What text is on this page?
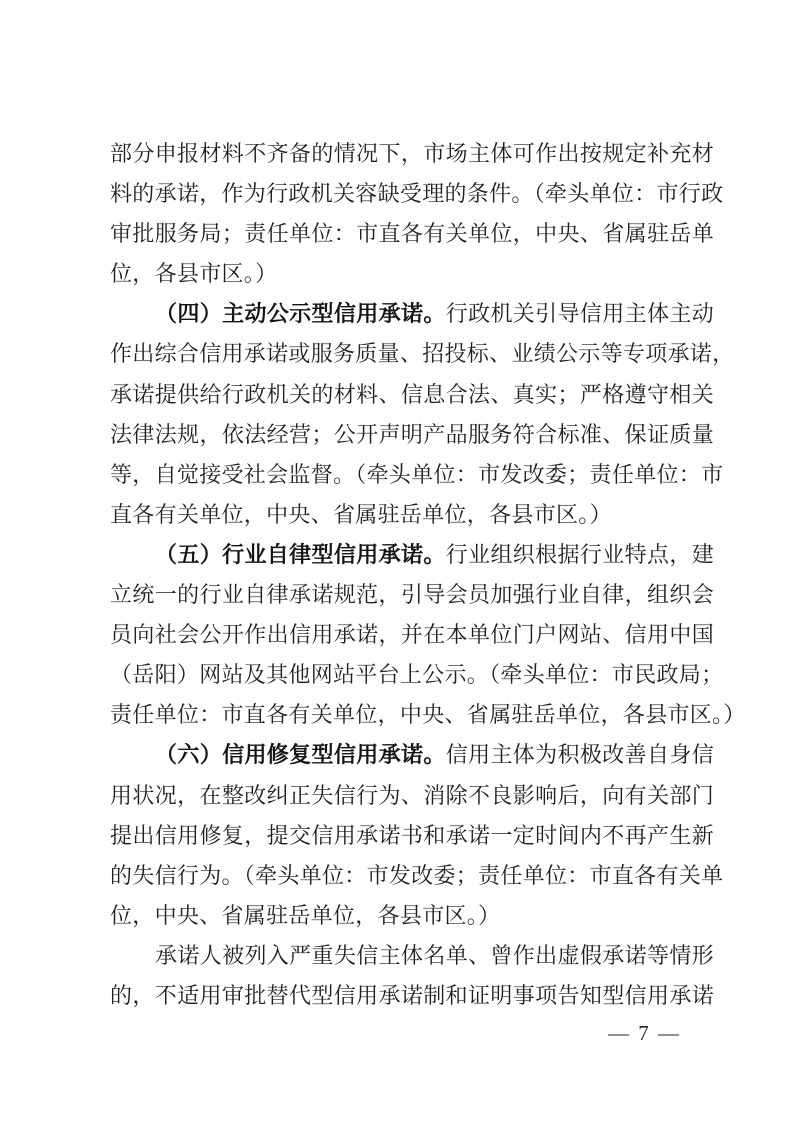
部分申报材料不齐备的情况下，市场主体可作出按规定补充材
料的承诺，作为行政机关容缺受理的条件。（牵头单位：市行政
审批服务局；责任单位：市直各有关单位，中央、省属驻岳单
位，各县市区。）
（四）主动公示型信用承诺。行政机关引导信用主体主动
作出综合信用承诺或服务质量、招投标、业绩公示等专项承诺，
承诺提供给行政机关的材料、信息合法、真实；严格遵守相关
法律法规，依法经营；公开声明产品服务符合标准、保证质量
等，自觉接受社会监督。（牵头单位：市发改委；责任单位：市
直各有关单位，中央、省属驻岳单位，各县市区。）
（五）行业自律型信用承诺。行业组织根据行业特点，建
立统一的行业自律承诺规范，引导会员加强行业自律，组织会
员向社会公开作出信用承诺，并在本单位门户网站、信用中国
（岳阳）网站及其他网站平台上公示。（牵头单位：市民政局；
责任单位：市直各有关单位，中央、省属驻岳单位，各县市区。）
（六）信用修复型信用承诺。信用主体为积极改善自身信
用状况，在整改纠正失信行为、消除不良影响后，向有关部门
提出信用修复，提交信用承诺书和承诺一定时间内不再产生新
的失信行为。（牵头单位：市发改委；责任单位：市直各有关单
位，中央、省属驻岳单位，各县市区。）
承诺人被列入严重失信主体名单、曾作出虚假承诺等情形
的，不适用审批替代型信用承诺制和证明事项告知型信用承诺
— 7 —
